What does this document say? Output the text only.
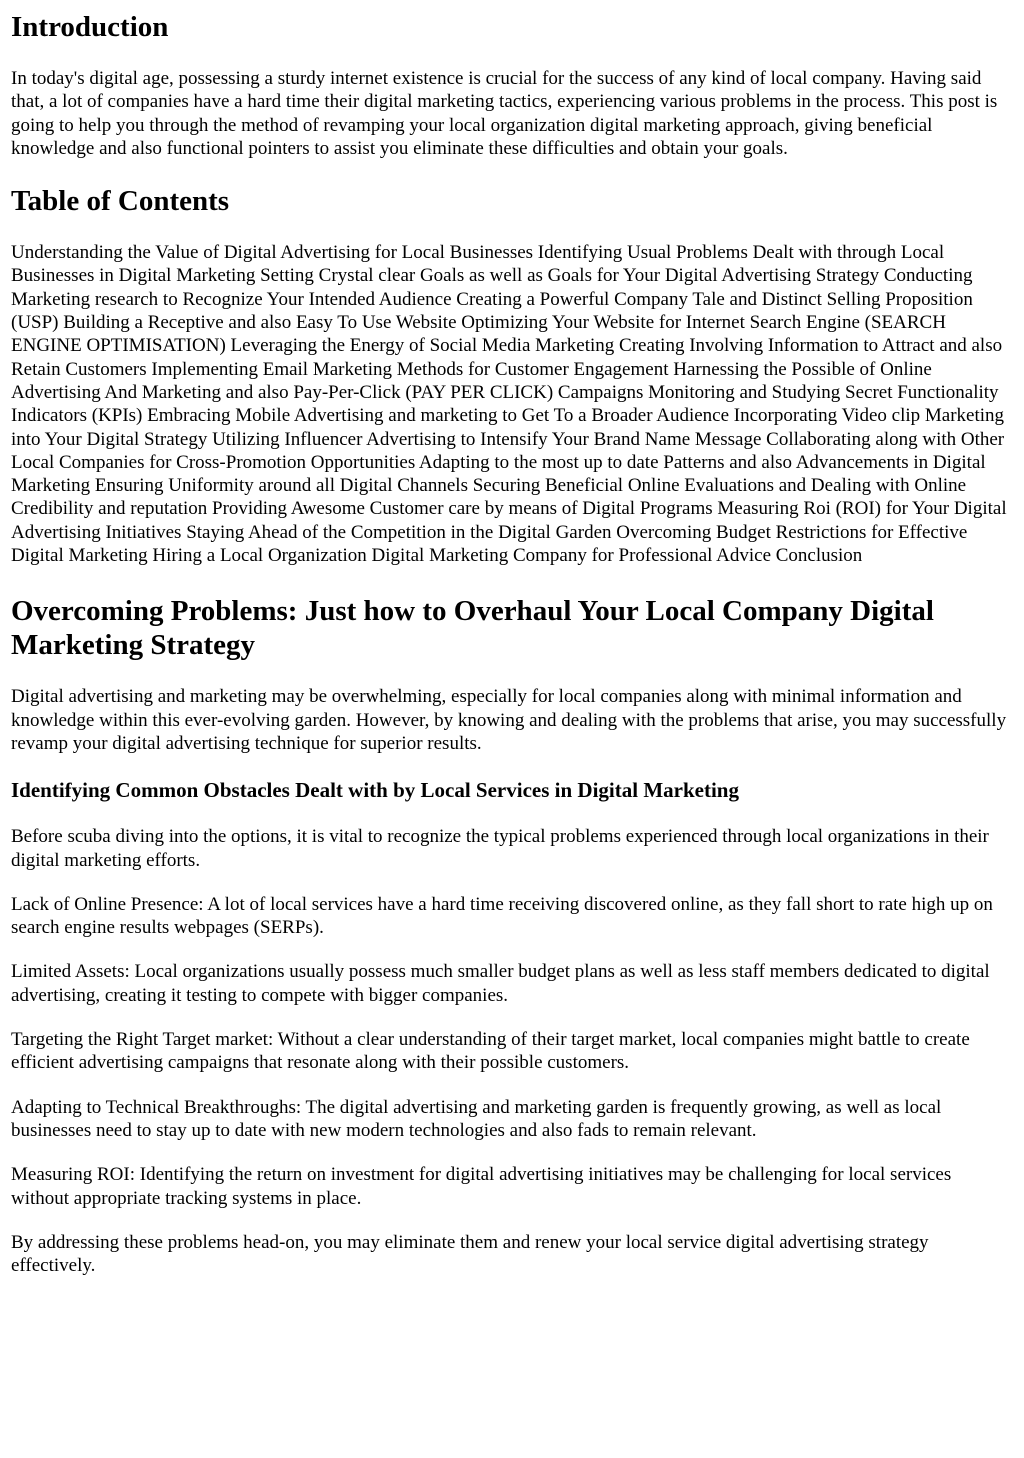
Introduction

In today's digital age, possessing a sturdy internet existence is crucial for the success of any kind of local company. Having said that, a lot of companies have a hard time their digital marketing tactics, experiencing various problems in the process. This post is going to help you through the method of revamping your local organization digital marketing approach, giving beneficial knowledge and also functional pointers to assist you eliminate these difficulties and obtain your goals.

Table of Contents

Understanding the Value of Digital Advertising for Local Businesses Identifying Usual Problems Dealt with through Local Businesses in Digital Marketing Setting Crystal clear Goals as well as Goals for Your Digital Advertising Strategy Conducting Marketing research to Recognize Your Intended Audience Creating a Powerful Company Tale and Distinct Selling Proposition (USP) Building a Receptive and also Easy To Use Website Optimizing Your Website for Internet Search Engine (SEARCH ENGINE OPTIMISATION) Leveraging the Energy of Social Media Marketing Creating Involving Information to Attract and also Retain Customers Implementing Email Marketing Methods for Customer Engagement Harnessing the Possible of Online Advertising And Marketing and also Pay-Per-Click (PAY PER CLICK) Campaigns Monitoring and Studying Secret Functionality Indicators (KPIs) Embracing Mobile Advertising and marketing to Get To a Broader Audience Incorporating Video clip Marketing into Your Digital Strategy Utilizing Influencer Advertising to Intensify Your Brand Name Message Collaborating along with Other Local Companies for Cross-Promotion Opportunities Adapting to the most up to date Patterns and also Advancements in Digital Marketing Ensuring Uniformity around all Digital Channels Securing Beneficial Online Evaluations and Dealing with Online Credibility and reputation Providing Awesome Customer care by means of Digital Programs Measuring Roi (ROI) for Your Digital Advertising Initiatives Staying Ahead of the Competition in the Digital Garden Overcoming Budget Restrictions for Effective Digital Marketing Hiring a Local Organization Digital Marketing Company for Professional Advice Conclusion

Overcoming Problems: Just how to Overhaul Your Local Company Digital Marketing Strategy

Digital advertising and marketing may be overwhelming, especially for local companies along with minimal information and knowledge within this ever-evolving garden. However, by knowing and dealing with the problems that arise, you may successfully revamp your digital advertising technique for superior results.

Identifying Common Obstacles Dealt with by Local Services in Digital Marketing

Before scuba diving into the options, it is vital to recognize the typical problems experienced through local organizations in their digital marketing efforts.

Lack of Online Presence: A lot of local services have a hard time receiving discovered online, as they fall short to rate high up on search engine results webpages (SERPs).

Limited Assets: Local organizations usually possess much smaller budget plans as well as less staff members dedicated to digital advertising, creating it testing to compete with bigger companies.

Targeting the Right Target market: Without a clear understanding of their target market, local companies might battle to create efficient advertising campaigns that resonate along with their possible customers.

Adapting to Technical Breakthroughs: The digital advertising and marketing garden is frequently growing, as well as local businesses need to stay up to date with new modern technologies and also fads to remain relevant.

Measuring ROI: Identifying the return on investment for digital advertising initiatives may be challenging for local services without appropriate tracking systems in place.

By addressing these problems head-on, you may eliminate them and renew your local service digital advertising strategy effectively.
